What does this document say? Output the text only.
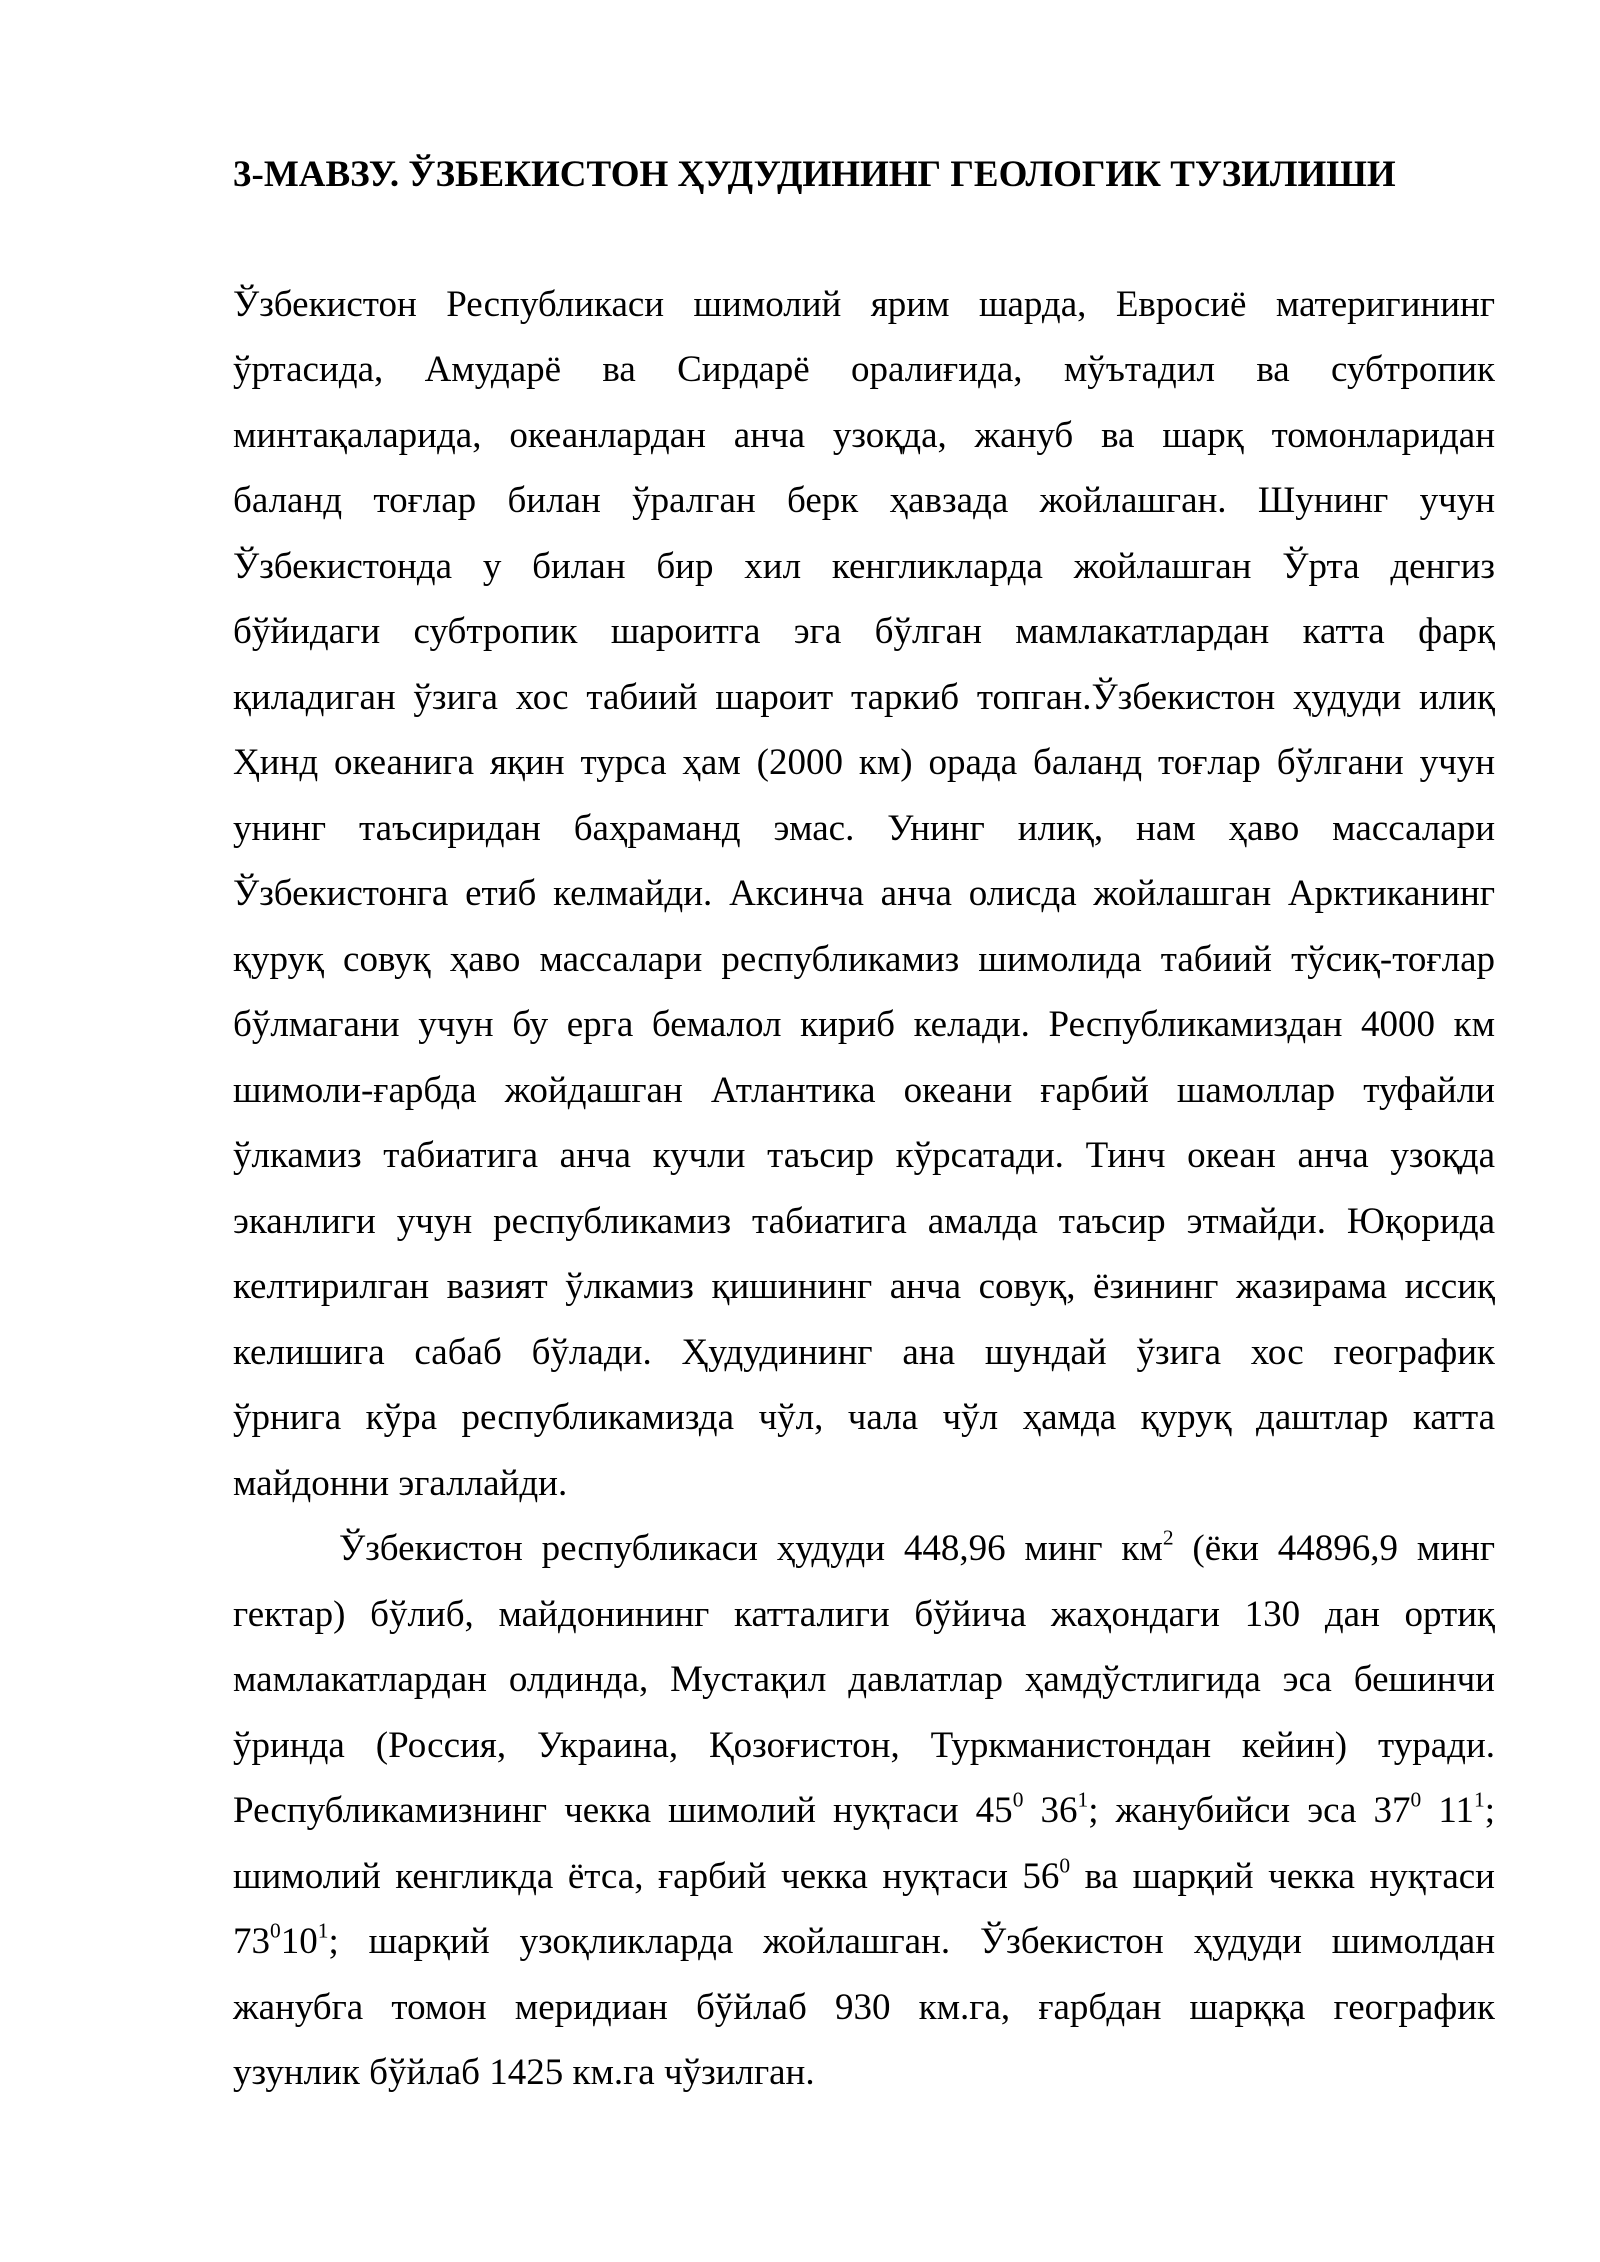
3-МАВЗУ. ЎЗБЕКИСТОН ҲУДУДИНИНГ ГЕОЛОГИК ТУЗИЛИШИ
Ўзбекистон Республикаси шимолий ярим шарда, Евросиё материгининг
ўртасида, Амударё ва Сирдарё оралиғида, мўътадил ва субтропик
минтақаларида, океанлардан анча узоқда, жануб ва шарқ томонларидан
баланд тоғлар билан ўралган берк ҳавзада жойлашган. Шунинг учун
Ўзбекистонда у билан бир хил кенгликларда жойлашган Ўрта денгиз
бўйидаги субтропик шароитга эга бўлган мамлакатлардан катта фарқ
қиладиган ўзига хос табиий шароит таркиб топган.Ўзбекистон ҳудуди илиқ
Ҳинд океанига яқин турса ҳам (2000 км) орада баланд тоғлар бўлгани учун
унинг таъсиридан баҳраманд эмас. Унинг илиқ, нам ҳаво массалари
Ўзбекистонга етиб келмайди. Аксинча анча олисда жойлашган Арктиканинг
қуруқ совуқ ҳаво массалари республикамиз шимолида табиий тўсиқ-тоғлар
бўлмагани учун бу ерга бемалол кириб келади. Республикамиздан 4000 км
шимоли-ғарбда жойдашган Атлантика океани ғарбий шамоллар туфайли
ўлкамиз табиатига анча кучли таъсир кўрсатади. Тинч океан анча узоқда
эканлиги учун республикамиз табиатига амалда таъсир этмайди. Юқорида
келтирилган вазият ўлкамиз қишининг анча совуқ, ёзининг жазирама иссиқ
келишига сабаб бўлади. Ҳудудининг ана шундай ўзига хос географик
ўрнига кўра республикамизда чўл, чала чўл ҳамда қуруқ даштлар катта
майдонни эгаллайди.
Ўзбекистон республикаси ҳудуди 448,96 минг $км^2$ (ёки 44896,9 минг
гектар) бўлиб, майдонининг катталиги бўйича жаҳондаги 130 дан ортиқ
мамлакатлардан олдинда, Мустақил давлатлар ҳамдўстлигида эса бешинчи
ўринда (Россия, Украина, Қозоғистон, Туркманистондан кейин) туради.
Республикамизнинг чекка шимолий нуқтаси $45^0$ $36^1$; жанубийси эса $37^0$ $11^1$;
шимолий кенгликда ётса, ғарбий чекка нуқтаси $56^0$ ва шарқий чекка нуқтаси
$73^010^1$; шарқий узоқликларда жойлашган. Ўзбекистон ҳудуди шимолдан
жанубга томон меридиан бўйлаб 930 км.га, ғарбдан шарққа географик
узунлик бўйлаб 1425 км.га чўзилган.
